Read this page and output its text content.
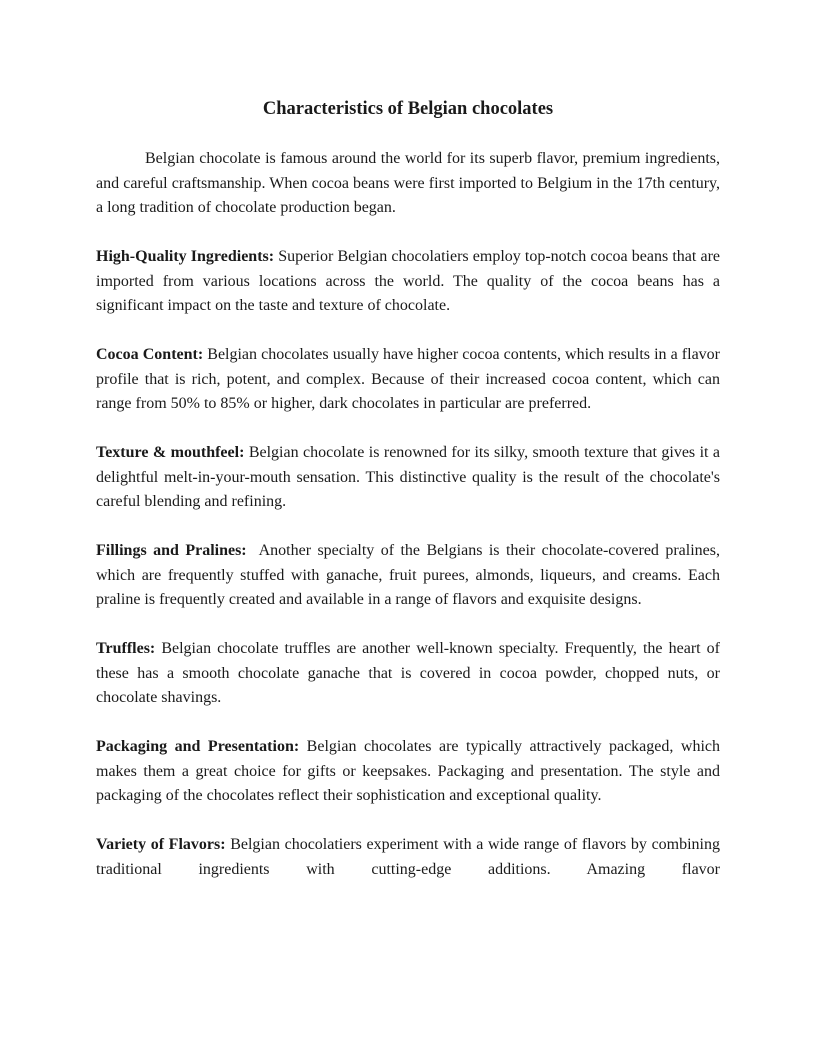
Characteristics of Belgian chocolates

Belgian chocolate is famous around the world for its superb flavor, premium ingredients, and careful craftsmanship. When cocoa beans were first imported to Belgium in the 17th century, a long tradition of chocolate production began.

High-Quality Ingredients: Superior Belgian chocolatiers employ top-notch cocoa beans that are imported from various locations across the world. The quality of the cocoa beans has a significant impact on the taste and texture of chocolate.

Cocoa Content: Belgian chocolates usually have higher cocoa contents, which results in a flavor profile that is rich, potent, and complex. Because of their increased cocoa content, which can range from 50% to 85% or higher, dark chocolates in particular are preferred.

Texture & mouthfeel: Belgian chocolate is renowned for its silky, smooth texture that gives it a delightful melt-in-your-mouth sensation. This distinctive quality is the result of the chocolate's careful blending and refining.

Fillings and Pralines:  Another specialty of the Belgians is their chocolate-covered pralines, which are frequently stuffed with ganache, fruit purees, almonds, liqueurs, and creams. Each praline is frequently created and available in a range of flavors and exquisite designs.

Truffles: Belgian chocolate truffles are another well-known specialty. Frequently, the heart of these has a smooth chocolate ganache that is covered in cocoa powder, chopped nuts, or chocolate shavings.

Packaging and Presentation: Belgian chocolates are typically attractively packaged, which makes them a great choice for gifts or keepsakes. Packaging and presentation. The style and packaging of the chocolates reflect their sophistication and exceptional quality.

Variety of Flavors: Belgian chocolatiers experiment with a wide range of flavors by combining traditional ingredients with cutting-edge additions. Amazing flavor
